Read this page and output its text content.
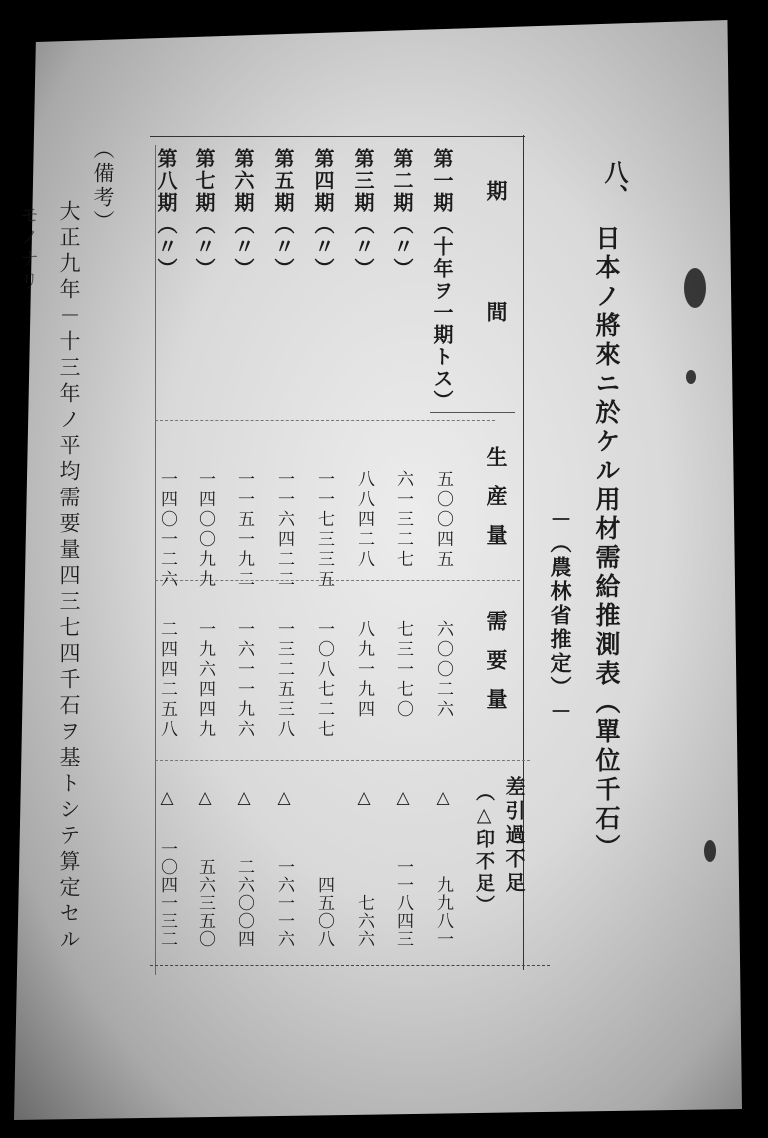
八、
日本ノ將來ニ於ケル用材需給推測表（單位千石）
－（農林省推定）－
期間
生産量
需要量
差引過不足
（△印不足）
第一期（十年ヲ一期トス）
五〇〇四五
六〇〇二六
△
九九八一
第二期（〃）
六一三二七
七三一七〇
△
一一八四三
第三期（〃）
八八四二八
八九一九四
△
七六六
第四期（〃）
一一七三三五
一〇八七二七
四五〇八
第五期（〃）
一一六四二二
一三二五三八
△
一六一一六
第六期（〃）
一一五一九二
一六一一九六
△
二六〇〇四
第七期（〃）
一四〇〇九九
一九六四四九
△
五六三五〇
第八期（〃）
一四〇一二六
二四四二五八
△
一〇四一三二
（備考）
大正九年－十三年ノ平均需要量四三七四千石ヲ基トシテ算定セル
モノナリ
